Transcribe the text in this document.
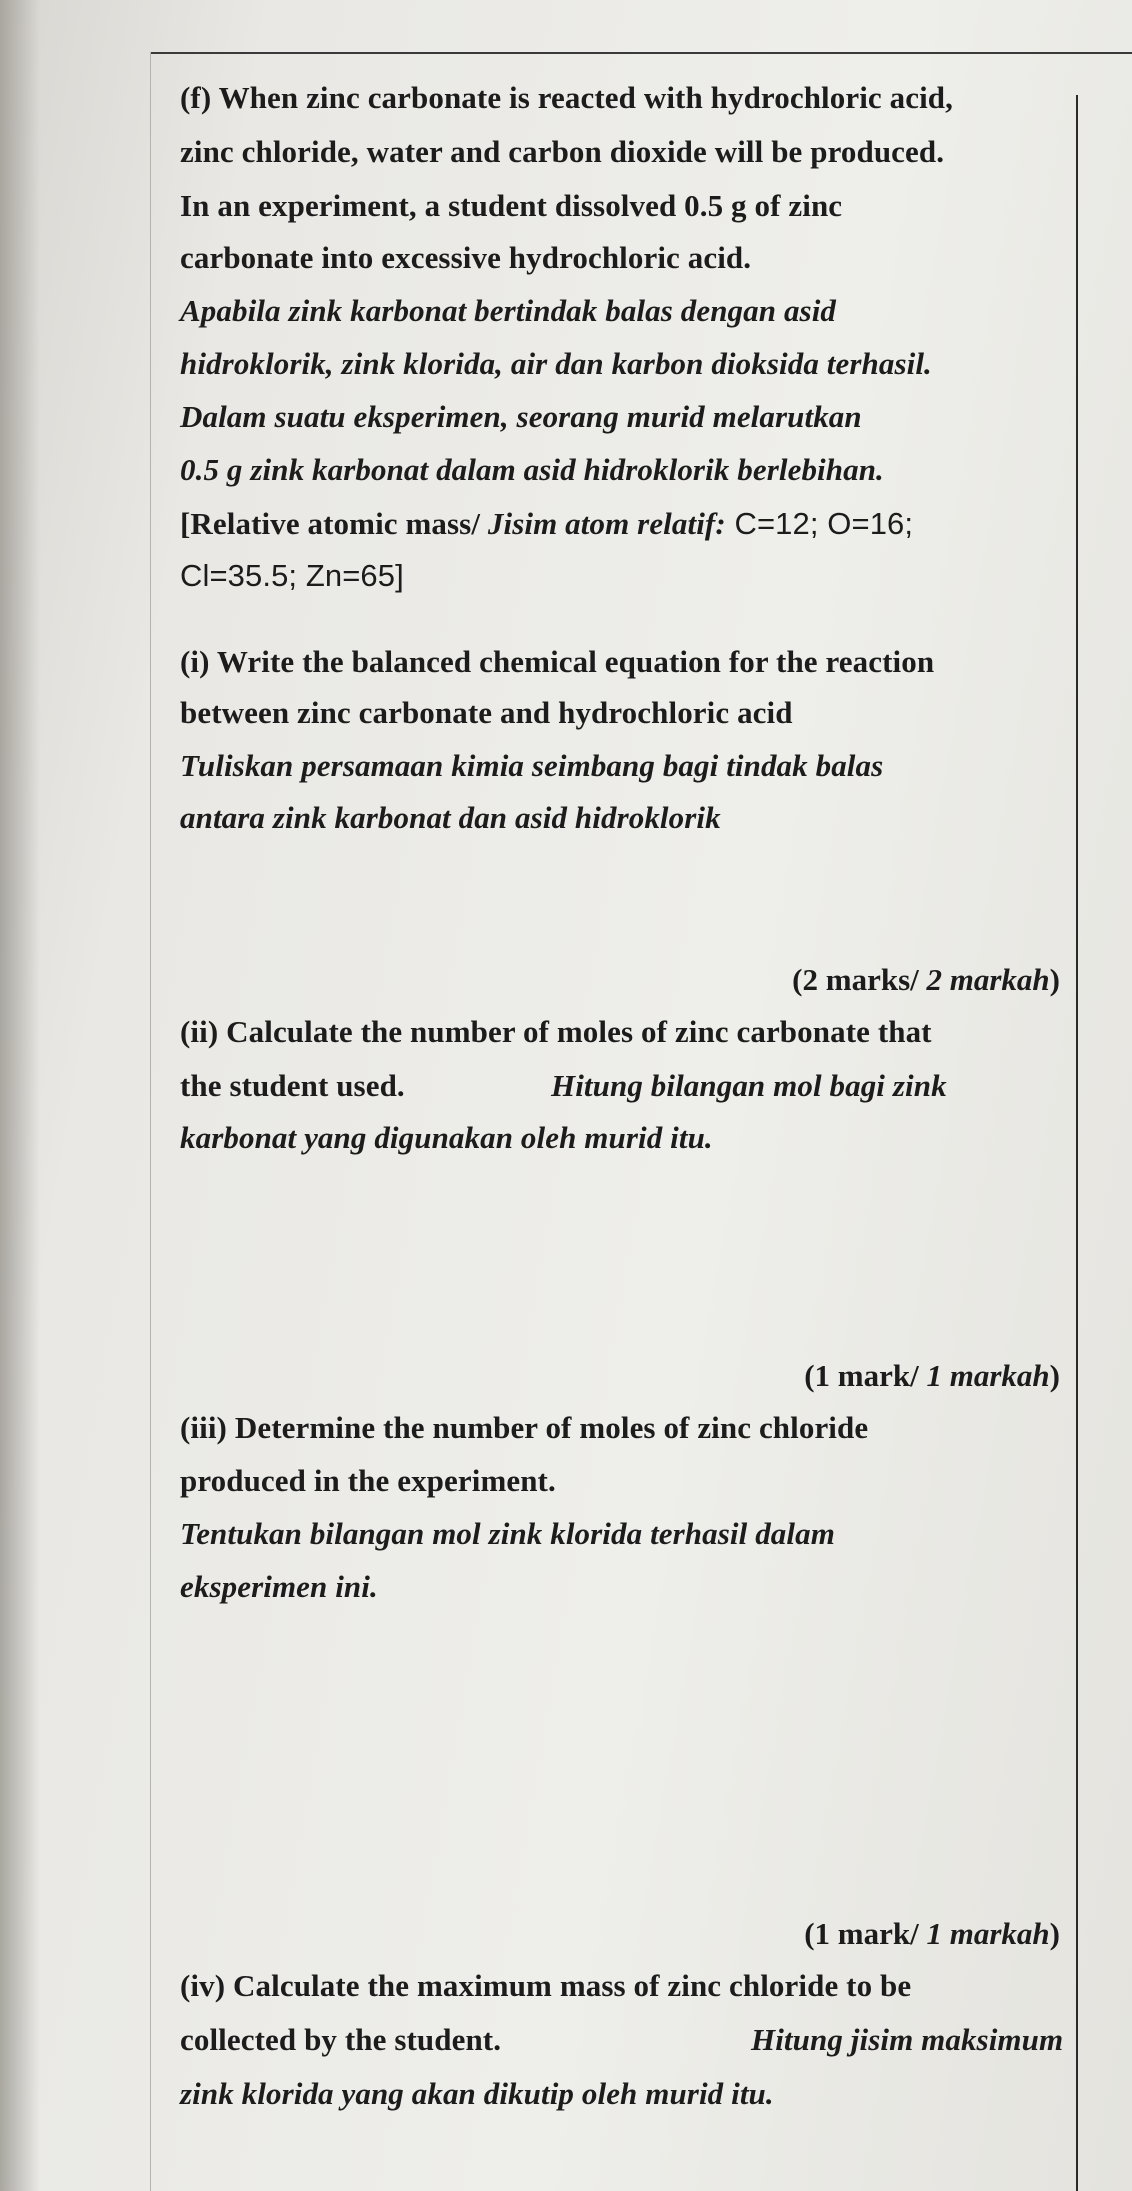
(f) When zinc carbonate is reacted with hydrochloric acid,

zinc chloride, water and carbon dioxide will be produced.

In an experiment, a student dissolved 0.5 g of zinc

carbonate into excessive hydrochloric acid.

Apabila zink karbonat bertindak balas dengan asid

hidroklorik, zink klorida, air dan karbon dioksida terhasil.

Dalam suatu eksperimen, seorang murid melarutkan

0.5 g zink karbonat dalam asid hidroklorik berlebihan.

[Relative atomic mass/ Jisim atom relatif: C=12; O=16;

Cl=35.5; Zn=65]

(i) Write the balanced chemical equation for the reaction

between zinc carbonate and hydrochloric acid

Tuliskan persamaan kimia seimbang bagi tindak balas

antara zink karbonat dan asid hidroklorik

(2 marks/ 2 markah)

(ii) Calculate the number of moles of zinc carbonate that

the student used.	Hitung bilangan mol bagi zink

karbonat yang digunakan oleh murid itu.

(1 mark/ 1 markah)

(iii) Determine the number of moles of zinc chloride

produced in the experiment.

Tentukan bilangan mol zink klorida terhasil dalam

eksperimen ini.

(1 mark/ 1 markah)

(iv) Calculate the maximum mass of zinc chloride to be

collected by the student.	Hitung jisim maksimum

zink klorida yang akan dikutip oleh murid itu.
